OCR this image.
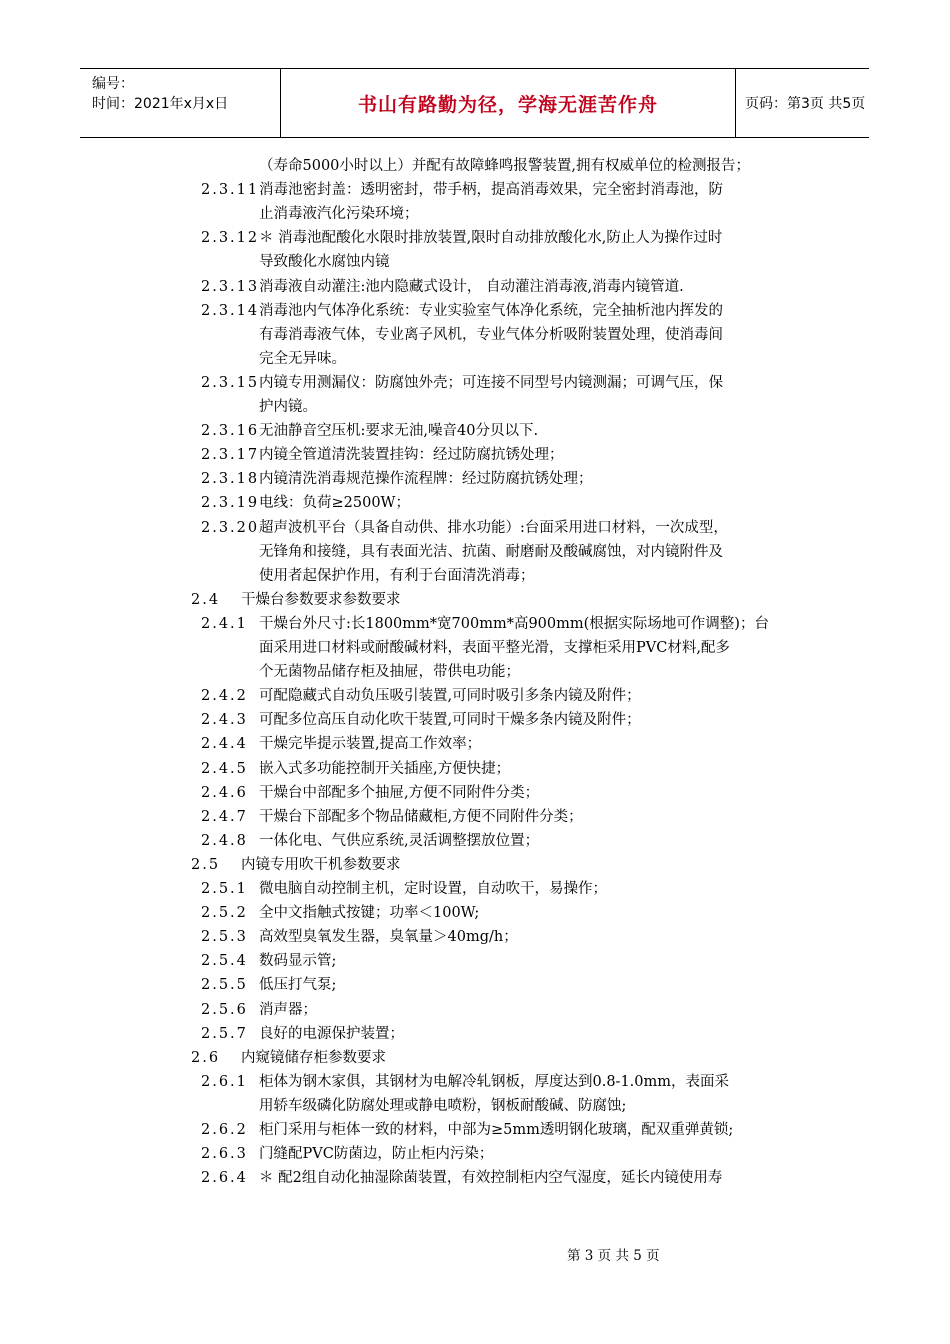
编号：
时间：2021年x月x日	书山有路勤为径，学海无涯苦作舟	页码：第3页 共5页
（寿命5000小时以上）并配有故障蜂鸣报警装置,拥有权威单位的检测报告；
2.3.11 消毒池密封盖：透明密封，带手柄，提高消毒效果，完全密封消毒池，防
止消毒液汽化污染环境；
2.3.12 ＊ 消毒池配酸化水限时排放装置,限时自动排放酸化水,防止人为操作过时
导致酸化水腐蚀内镜
2.3.13 消毒液自动灌注:池内隐藏式设计， 自动灌注消毒液,消毒内镜管道.
2.3.14 消毒池内气体净化系统：专业实验室气体净化系统，完全抽析池内挥发的
有毒消毒液气体，专业离子风机，专业气体分析吸附装置处理，使消毒间
完全无异味。
2.3.15 内镜专用测漏仪：防腐蚀外壳；可连接不同型号内镜测漏；可调气压，保
护内镜。
2.3.16 无油静音空压机:要求无油,噪音40分贝以下.
2.3.17 内镜全管道清洗装置挂钩：经过防腐抗锈处理；
2.3.18 内镜清洗消毒规范操作流程牌：经过防腐抗锈处理；
2.3.19 电线：负荷≥2500W；
2.3.20 超声波机平台（具备自动供、排水功能）:台面采用进口材料，一次成型，
无锋角和接缝，具有表面光洁、抗菌、耐磨耐及酸碱腐蚀，对内镜附件及
使用者起保护作用，有利于台面清洗消毒；
2.4 干燥台参数要求参数要求
2.4.1 干燥台外尺寸:长1800mm*宽700mm*高900mm(根据实际场地可作调整)；台
面采用进口材料或耐酸碱材料，表面平整光滑，支撑柜采用PVC材料,配多
个无菌物品储存柜及抽屉，带供电功能；
2.4.2 可配隐藏式自动负压吸引装置,可同时吸引多条内镜及附件；
2.4.3 可配多位高压自动化吹干装置,可同时干燥多条内镜及附件；
2.4.4 干燥完毕提示装置,提高工作效率；
2.4.5 嵌入式多功能控制开关插座,方便快捷；
2.4.6 干燥台中部配多个抽屉,方便不同附件分类；
2.4.7 干燥台下部配多个物品储藏柜,方便不同附件分类；
2.4.8 一体化电、气供应系统,灵活调整摆放位置；
2.5 内镜专用吹干机参数要求
2.5.1 微电脑自动控制主机，定时设置，自动吹干，易操作；
2.5.2 全中文指触式按键；功率＜100W;
2.5.3 高效型臭氧发生器，臭氧量＞40mg/h；
2.5.4 数码显示管;
2.5.5 低压打气泵;
2.5.6 消声器；
2.5.7 良好的电源保护装置；
2.6 内窥镜储存柜参数要求
2.6.1 柜体为钢木家俱，其钢材为电解冷轧钢板，厚度达到0.8-1.0mm，表面采
用轿车级磷化防腐处理或静电喷粉，钢板耐酸碱、防腐蚀;
2.6.2 柜门采用与柜体一致的材料，中部为≥5mm透明钢化玻璃，配双重弹黄锁;
2.6.3 门缝配PVC防菌边，防止柜内污染；
2.6.4 ＊ 配2组自动化抽湿除菌装置，有效控制柜内空气湿度，延长内镜使用寿
第 3 页 共 5 页
